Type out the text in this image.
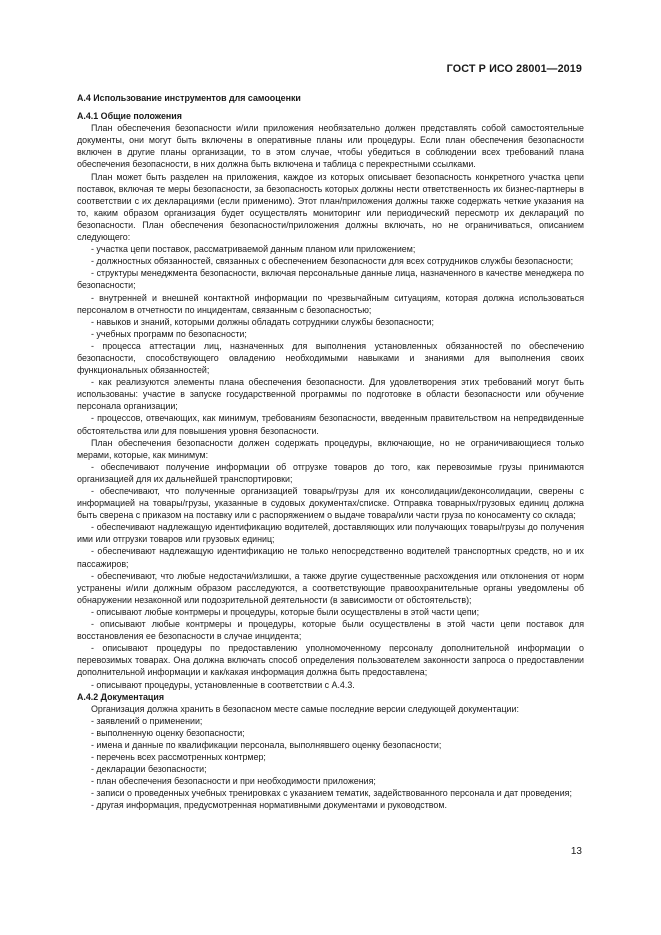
ГОСТ Р ИСО 28001—2019

А.4 Использование инструментов для самооценки

А.4.1 Общие положения

План обеспечения безопасности и/или приложения необязательно должен представлять собой самостоятельные документы, они могут быть включены в оперативные планы или процедуры. Если план обеспечения безопасности включен в другие планы организации, то в этом случае, чтобы убедиться в соблюдении всех требований плана обеспечения безопасности, в них должна быть включена и таблица с перекрестными ссылками.

План может быть разделен на приложения, каждое из которых описывает безопасность конкретного участка цепи поставок, включая те меры безопасности, за безопасность которых должны нести ответственность их бизнес-партнеры в соответствии с их декларациями (если применимо). Этот план/приложения должны также содержать четкие указания на то, каким образом организация будет осуществлять мониторинг или периодический пересмотр их деклараций по безопасности. План обеспечения безопасности/приложения должны включать, но не ограничиваться, описанием следующего:

- участка цепи поставок, рассматриваемой данным планом или приложением;

- должностных обязанностей, связанных с обеспечением безопасности для всех сотрудников службы безопасности;

- структуры менеджмента безопасности, включая персональные данные лица, назначенного в качестве менеджера по безопасности;

- внутренней и внешней контактной информации по чрезвычайным ситуациям, которая должна использоваться персоналом в отчетности по инцидентам, связанным с безопасностью;

- навыков и знаний, которыми должны обладать сотрудники службы безопасности;

- учебных программ по безопасности;

- процесса аттестации лиц, назначенных для выполнения установленных обязанностей по обеспечению безопасности, способствующего овладению необходимыми навыками и знаниями для выполнения своих функциональных обязанностей;

- как реализуются элементы плана обеспечения безопасности. Для удовлетворения этих требований могут быть использованы: участие в запуске государственной программы по подготовке в области безопасности или обучение персонала организации;

- процессов, отвечающих, как минимум, требованиям безопасности, введенным правительством на непредвиденные обстоятельства или для повышения уровня безопасности.

План обеспечения безопасности должен содержать процедуры, включающие, но не ограничивающиеся только мерами, которые, как минимум:

- обеспечивают получение информации об отгрузке товаров до того, как перевозимые грузы принимаются организацией для их дальнейшей транспортировки;

- обеспечивают, что полученные организацией товары/грузы для их консолидации/деконсолидации, сверены с информацией на товары/грузы, указанные в судовых документах/списке. Отправка товарных/грузовых единиц должна быть сверена с приказом на поставку или с распоряжением о выдаче товара/или части груза по коносаменту со склада;

- обеспечивают надлежащую идентификацию водителей, доставляющих или получающих товары/грузы до получения ими или отгрузки товаров или грузовых единиц;

- обеспечивают надлежащую идентификацию не только непосредственно водителей транспортных средств, но и их пассажиров;

- обеспечивают, что любые недостачи/излишки, а также другие существенные расхождения или отклонения от норм устранены и/или должным образом расследуются, а соответствующие правоохранительные органы уведомлены об обнаружении незаконной или подозрительной деятельности (в зависимости от обстоятельств);

- описывают любые контрмеры и процедуры, которые были осуществлены в этой части цепи;

- описывают любые контрмеры и процедуры, которые были осуществлены в этой части цепи поставок для восстановления ее безопасности в случае инцидента;

- описывают процедуры по предоставлению уполномоченному персоналу дополнительной информации о перевозимых товарах. Она должна включать способ определения пользователем законности запроса о предоставлении дополнительной информации и как/какая информация должна быть предоставлена;

- описывают процедуры, установленные в соответствии с А.4.3.

А.4.2 Документация

Организация должна хранить в безопасном месте самые последние версии следующей документации:

- заявлений о применении;

- выполненную оценку безопасности;

- имена и данные по квалификации персонала, выполнявшего оценку безопасности;

- перечень всех рассмотренных контрмер;

- декларации безопасности;

- план обеспечения безопасности и при необходимости приложения;

- записи о проведенных учебных тренировках с указанием тематик, задействованного персонала и дат проведения;

- другая информация, предусмотренная нормативными документами и руководством.

13
